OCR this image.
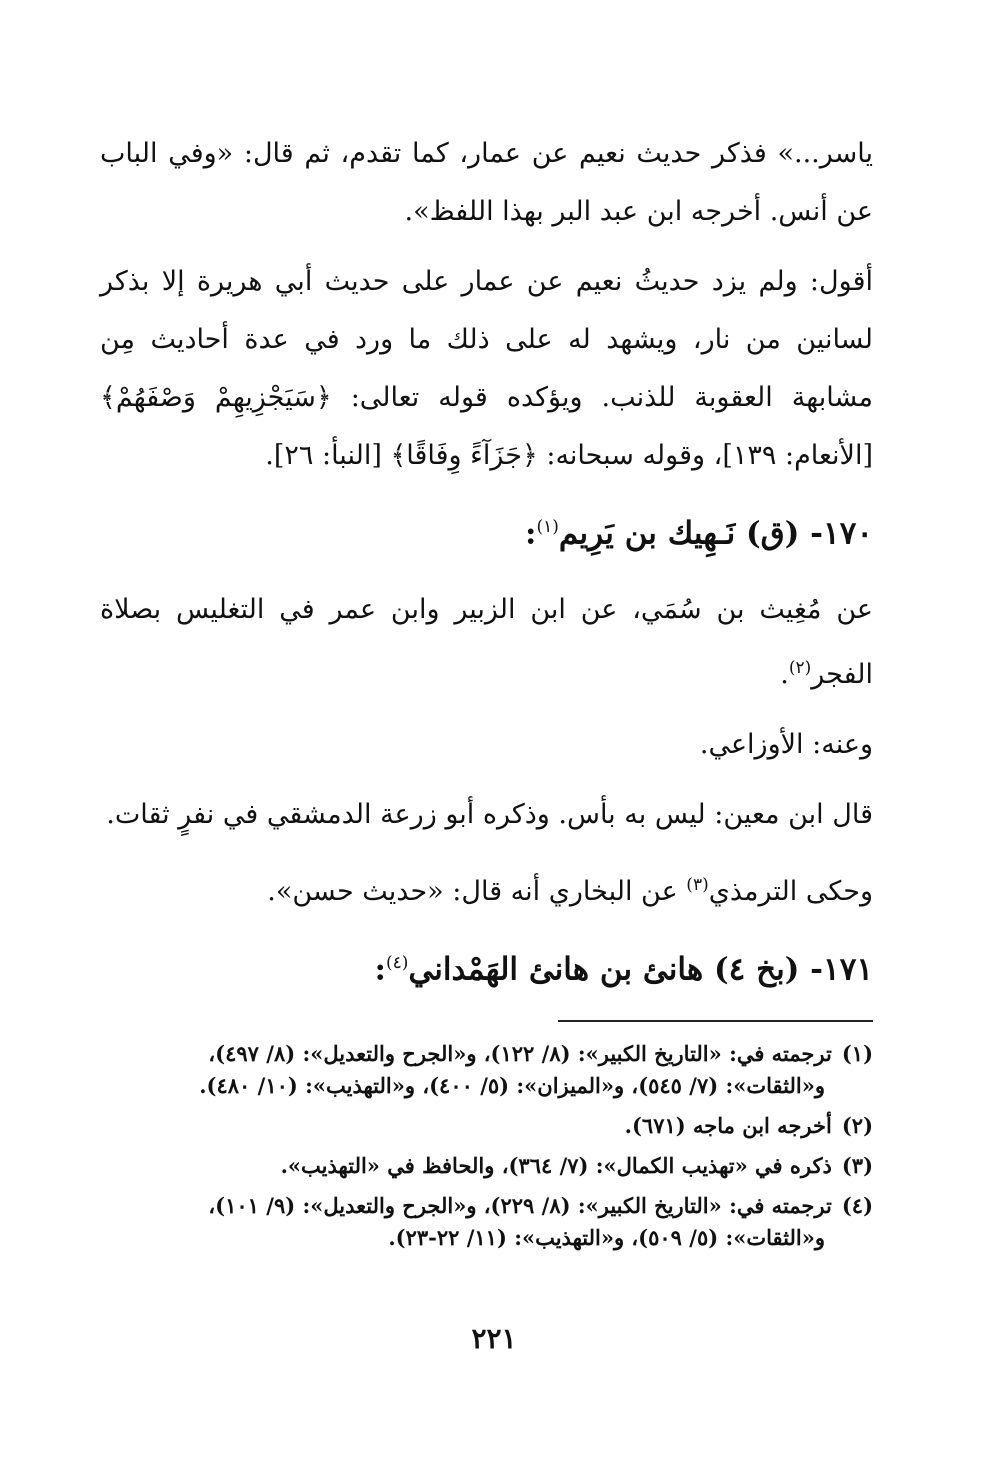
ياسر...» فذكر حديث نعيم عن عمار، كما تقدم، ثم قال: «وفي الباب عن أنس. أخرجه ابن عبد البر بهذا اللفظ».

أقول: ولم يزد حديثُ نعيم عن عمار على حديث أبي هريرة إلا بذكر لسانين من نار، ويشهد له على ذلك ما ورد في عدة أحاديث مِن مشابهة العقوبة للذنب. ويؤكده قوله تعالى: ﴿سَيَجْزِيهِمْ وَصْفَهُمْ﴾ [الأنعام: ١٣٩]، وقوله سبحانه: ﴿جَزَآءً وِفَاقًا﴾ [النبأ: ٢٦].

١٧٠- (ق) نَـهِيك بن يَرِيم$^{(١)}$:

عن مُغِيث بن سُمَي، عن ابن الزبير وابن عمر في التغليس بصلاة الفجر$^{(٢)}$.

وعنه: الأوزاعي.

قال ابن معين: ليس به بأس. وذكره أبو زرعة الدمشقي في نفرٍ ثقات.

وحكى الترمذي$^{(٣)}$ عن البخاري أنه قال: «حديث حسن».

١٧١- (بخ ٤) هانئ بن هانئ الهَمْداني$^{(٤)}$:
(١)ترجمته في: «التاريخ الكبير»: (٨/ ١٢٢)، و«الجرح والتعديل»: (٨/ ٤٩٧)،
و«الثقات»: (٧/ ٥٤٥)، و«الميزان»: (٥/ ٤٠٠)، و«التهذيب»: (١٠/ ٤٨٠).
(٢)أخرجه ابن ماجه (٦٧١).
(٣)ذكره في «تهذيب الكمال»: (٧/ ٣٦٤)، والحافظ في «التهذيب».
(٤)ترجمته في: «التاريخ الكبير»: (٨/ ٢٢٩)، و«الجرح والتعديل»: (٩/ ١٠١)،
و«الثقات»: (٥/ ٥٠٩)، و«التهذيب»: (١١/ ٢٢-٢٣).
٢٢١
